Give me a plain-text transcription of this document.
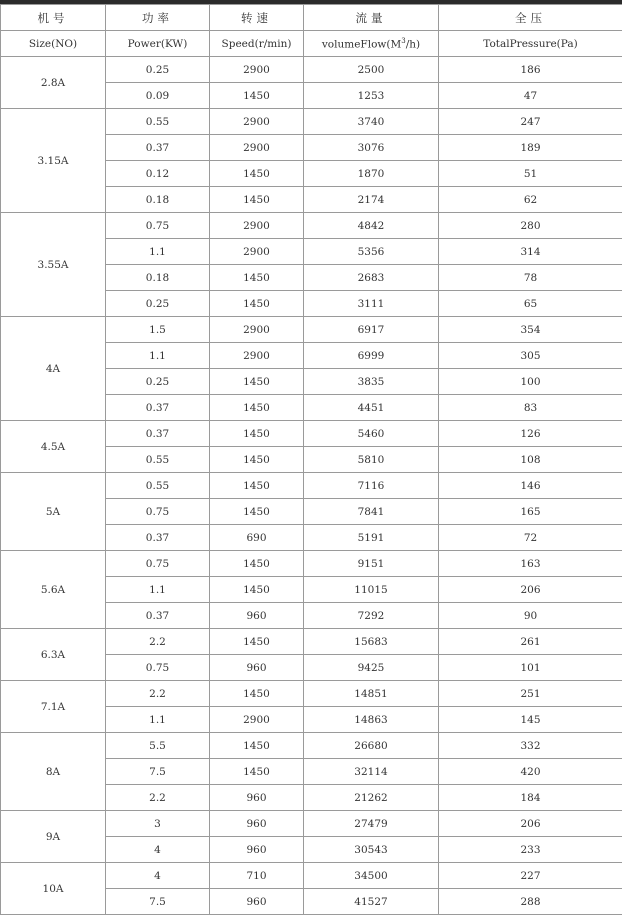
机号	功率	转速	流量	全压
Size(NO)	Power(KW)	Speed(r/min)	$volumeFlow(M^3/h)$	TotalPressure(Pa)
2.8A	0.25	2900	2500	186
	0.09	1450	1253	47
3.15A	0.55	2900	3740	247
	0.37	2900	3076	189
	0.12	1450	1870	51
	0.18	1450	2174	62
3.55A	0.75	2900	4842	280
	1.1	2900	5356	314
	0.18	1450	2683	78
	0.25	1450	3111	65
4A	1.5	2900	6917	354
	1.1	2900	6999	305
	0.25	1450	3835	100
	0.37	1450	4451	83
4.5A	0.37	1450	5460	126
	0.55	1450	5810	108
5A	0.55	1450	7116	146
	0.75	1450	7841	165
	0.37	690	5191	72
5.6A	0.75	1450	9151	163
	1.1	1450	11015	206
	0.37	960	7292	90
6.3A	2.2	1450	15683	261
	0.75	960	9425	101
7.1A	2.2	1450	14851	251
	1.1	2900	14863	145
8A	5.5	1450	26680	332
	7.5	1450	32114	420
	2.2	960	21262	184
9A	3	960	27479	206
	4	960	30543	233
10A	4	710	34500	227
	7.5	960	41527	288
